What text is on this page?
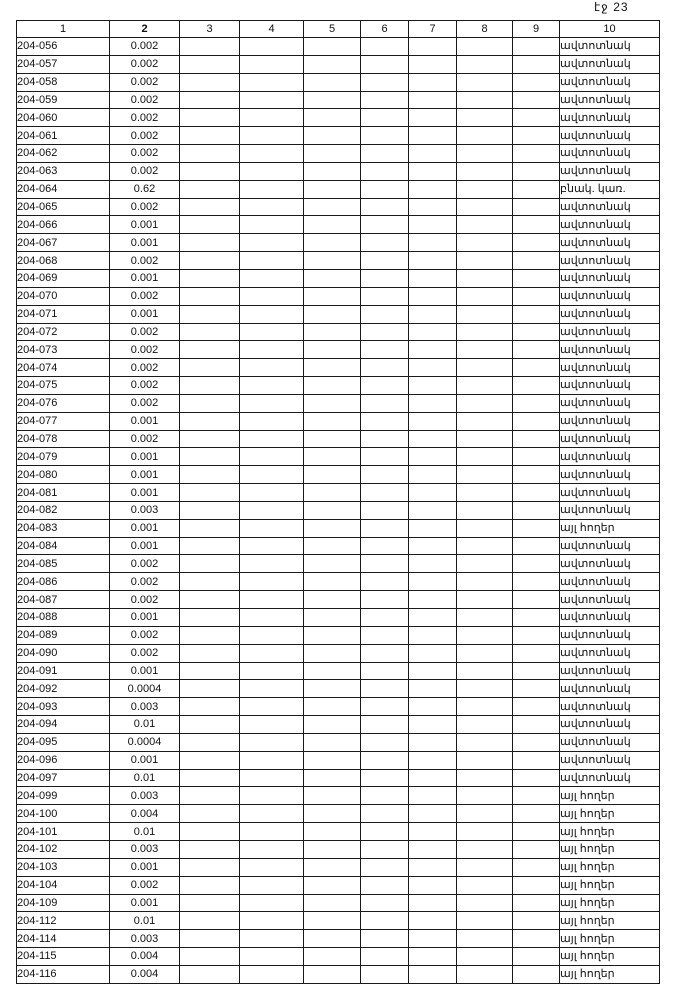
էջ 23
1	2	3	4	5	6	7	8	9	10
204-056	0.002								ավտոտնակ
204-057	0.002								ավտոտնակ
204-058	0.002								ավտոտնակ
204-059	0.002								ավտոտնակ
204-060	0.002								ավտոտնակ
204-061	0.002								ավտոտնակ
204-062	0.002								ավտոտնակ
204-063	0.002								ավտոտնակ
204-064	0.62								բնակ. կառ.
204-065	0.002								ավտոտնակ
204-066	0.001								ավտոտնակ
204-067	0.001								ավտոտնակ
204-068	0.002								ավտոտնակ
204-069	0.001								ավտոտնակ
204-070	0.002								ավտոտնակ
204-071	0.001								ավտոտնակ
204-072	0.002								ավտոտնակ
204-073	0.002								ավտոտնակ
204-074	0.002								ավտոտնակ
204-075	0.002								ավտոտնակ
204-076	0.002								ավտոտնակ
204-077	0.001								ավտոտնակ
204-078	0.002								ավտոտնակ
204-079	0.001								ավտոտնակ
204-080	0.001								ավտոտնակ
204-081	0.001								ավտոտնակ
204-082	0.003								ավտոտնակ
204-083	0.001								այլ հողեր
204-084	0.001								ավտոտնակ
204-085	0.002								ավտոտնակ
204-086	0.002								ավտոտնակ
204-087	0.002								ավտոտնակ
204-088	0.001								ավտոտնակ
204-089	0.002								ավտոտնակ
204-090	0.002								ավտոտնակ
204-091	0.001								ավտոտնակ
204-092	0.0004								ավտոտնակ
204-093	0.003								ավտոտնակ
204-094	0.01								ավտոտնակ
204-095	0.0004								ավտոտնակ
204-096	0.001								ավտոտնակ
204-097	0.01								ավտոտնակ
204-099	0.003								այլ հողեր
204-100	0.004								այլ հողեր
204-101	0.01								այլ հողեր
204-102	0.003								այլ հողեր
204-103	0.001								այլ հողեր
204-104	0.002								այլ հողեր
204-109	0.001								այլ հողեր
204-112	0.01								այլ հողեր
204-114	0.003								այլ հողեր
204-115	0.004								այլ հողեր
204-116	0.004								այլ հողեր
